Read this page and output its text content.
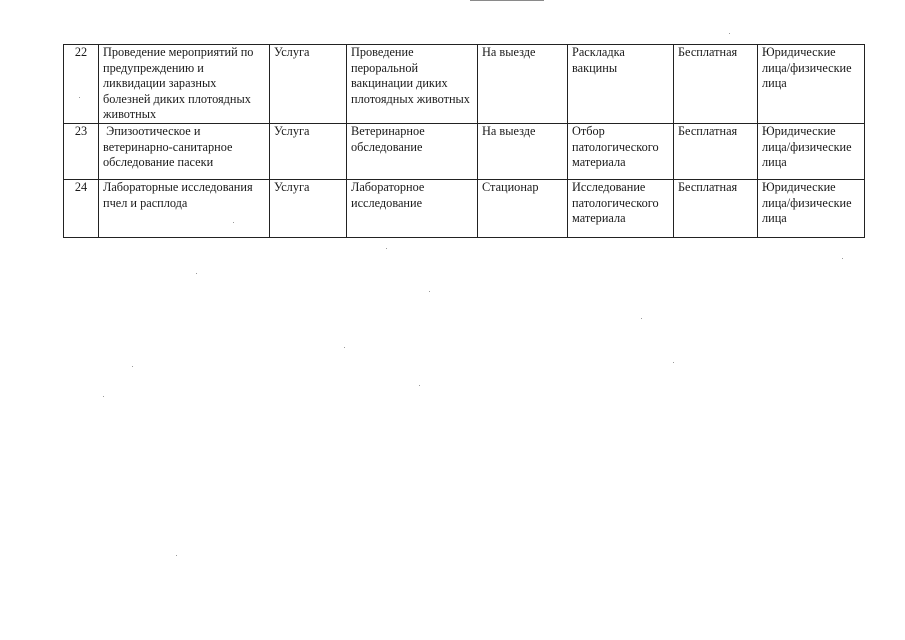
22	Проведение мероприятий по предупреждению и ликвидации заразных болезней диких плотоядных животных	Услуга	Проведение пероральной вакцинации диких плотоядных животных	На выезде	Раскладка вакцины	Бесплатная	Юридические лица/физические лица

23	Эпизоотическое и ветеринарно-санитарное обследование пасеки	Услуга	Ветеринарное обследование	На выезде	Отбор патологического материала	Бесплатная	Юридические лица/физические лица
24	Лабораторные исследования пчел и расплода	Услуга	Лабораторное исследование	Стационар	Исследование патологического материала	Бесплатная	Юридические лица/физические лица
